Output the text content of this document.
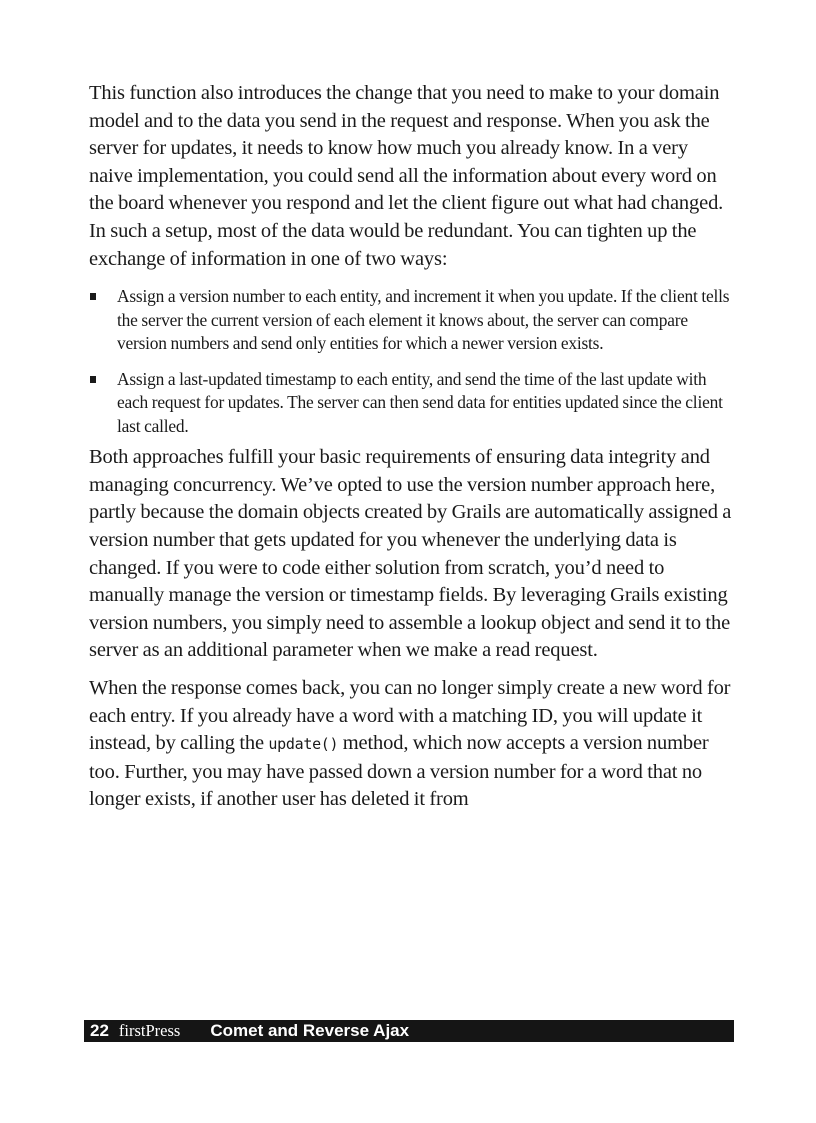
This function also introduces the change that you need to make to your domain model and to the data you send in the request and response. When you ask the server for updates, it needs to know how much you already know. In a very naive implementation, you could send all the information about every word on the board whenever you respond and let the client figure out what had changed. In such a setup, most of the data would be redundant. You can tighten up the exchange of information in one of two ways:

Assign a version number to each entity, and increment it when you update. If the client tells the server the current version of each element it knows about, the server can compare version numbers and send only entities for which a newer version exists.
Assign a last-updated timestamp to each entity, and send the time of the last update with each request for updates. The server can then send data for entities updated since the client last called.

Both approaches fulfill your basic requirements of ensuring data integrity and managing concurrency. We’ve opted to use the version number approach here, partly because the domain objects created by Grails are automatically assigned a version number that gets updated for you whenever the underlying data is changed. If you were to code either solution from scratch, you’d need to manually manage the version or timestamp fields. By leveraging Grails existing version numbers, you simply need to assemble a lookup object and send it to the server as an additional parameter when we make a read request.

When the response comes back, you can no longer simply create a new word for each entry. If you already have a word with a matching ID, you will update it instead, by calling the update() method, which now accepts a version number too. Further, you may have passed down a version number for a word that no longer exists, if another user has deleted it from

22 firstPress Comet and Reverse Ajax
